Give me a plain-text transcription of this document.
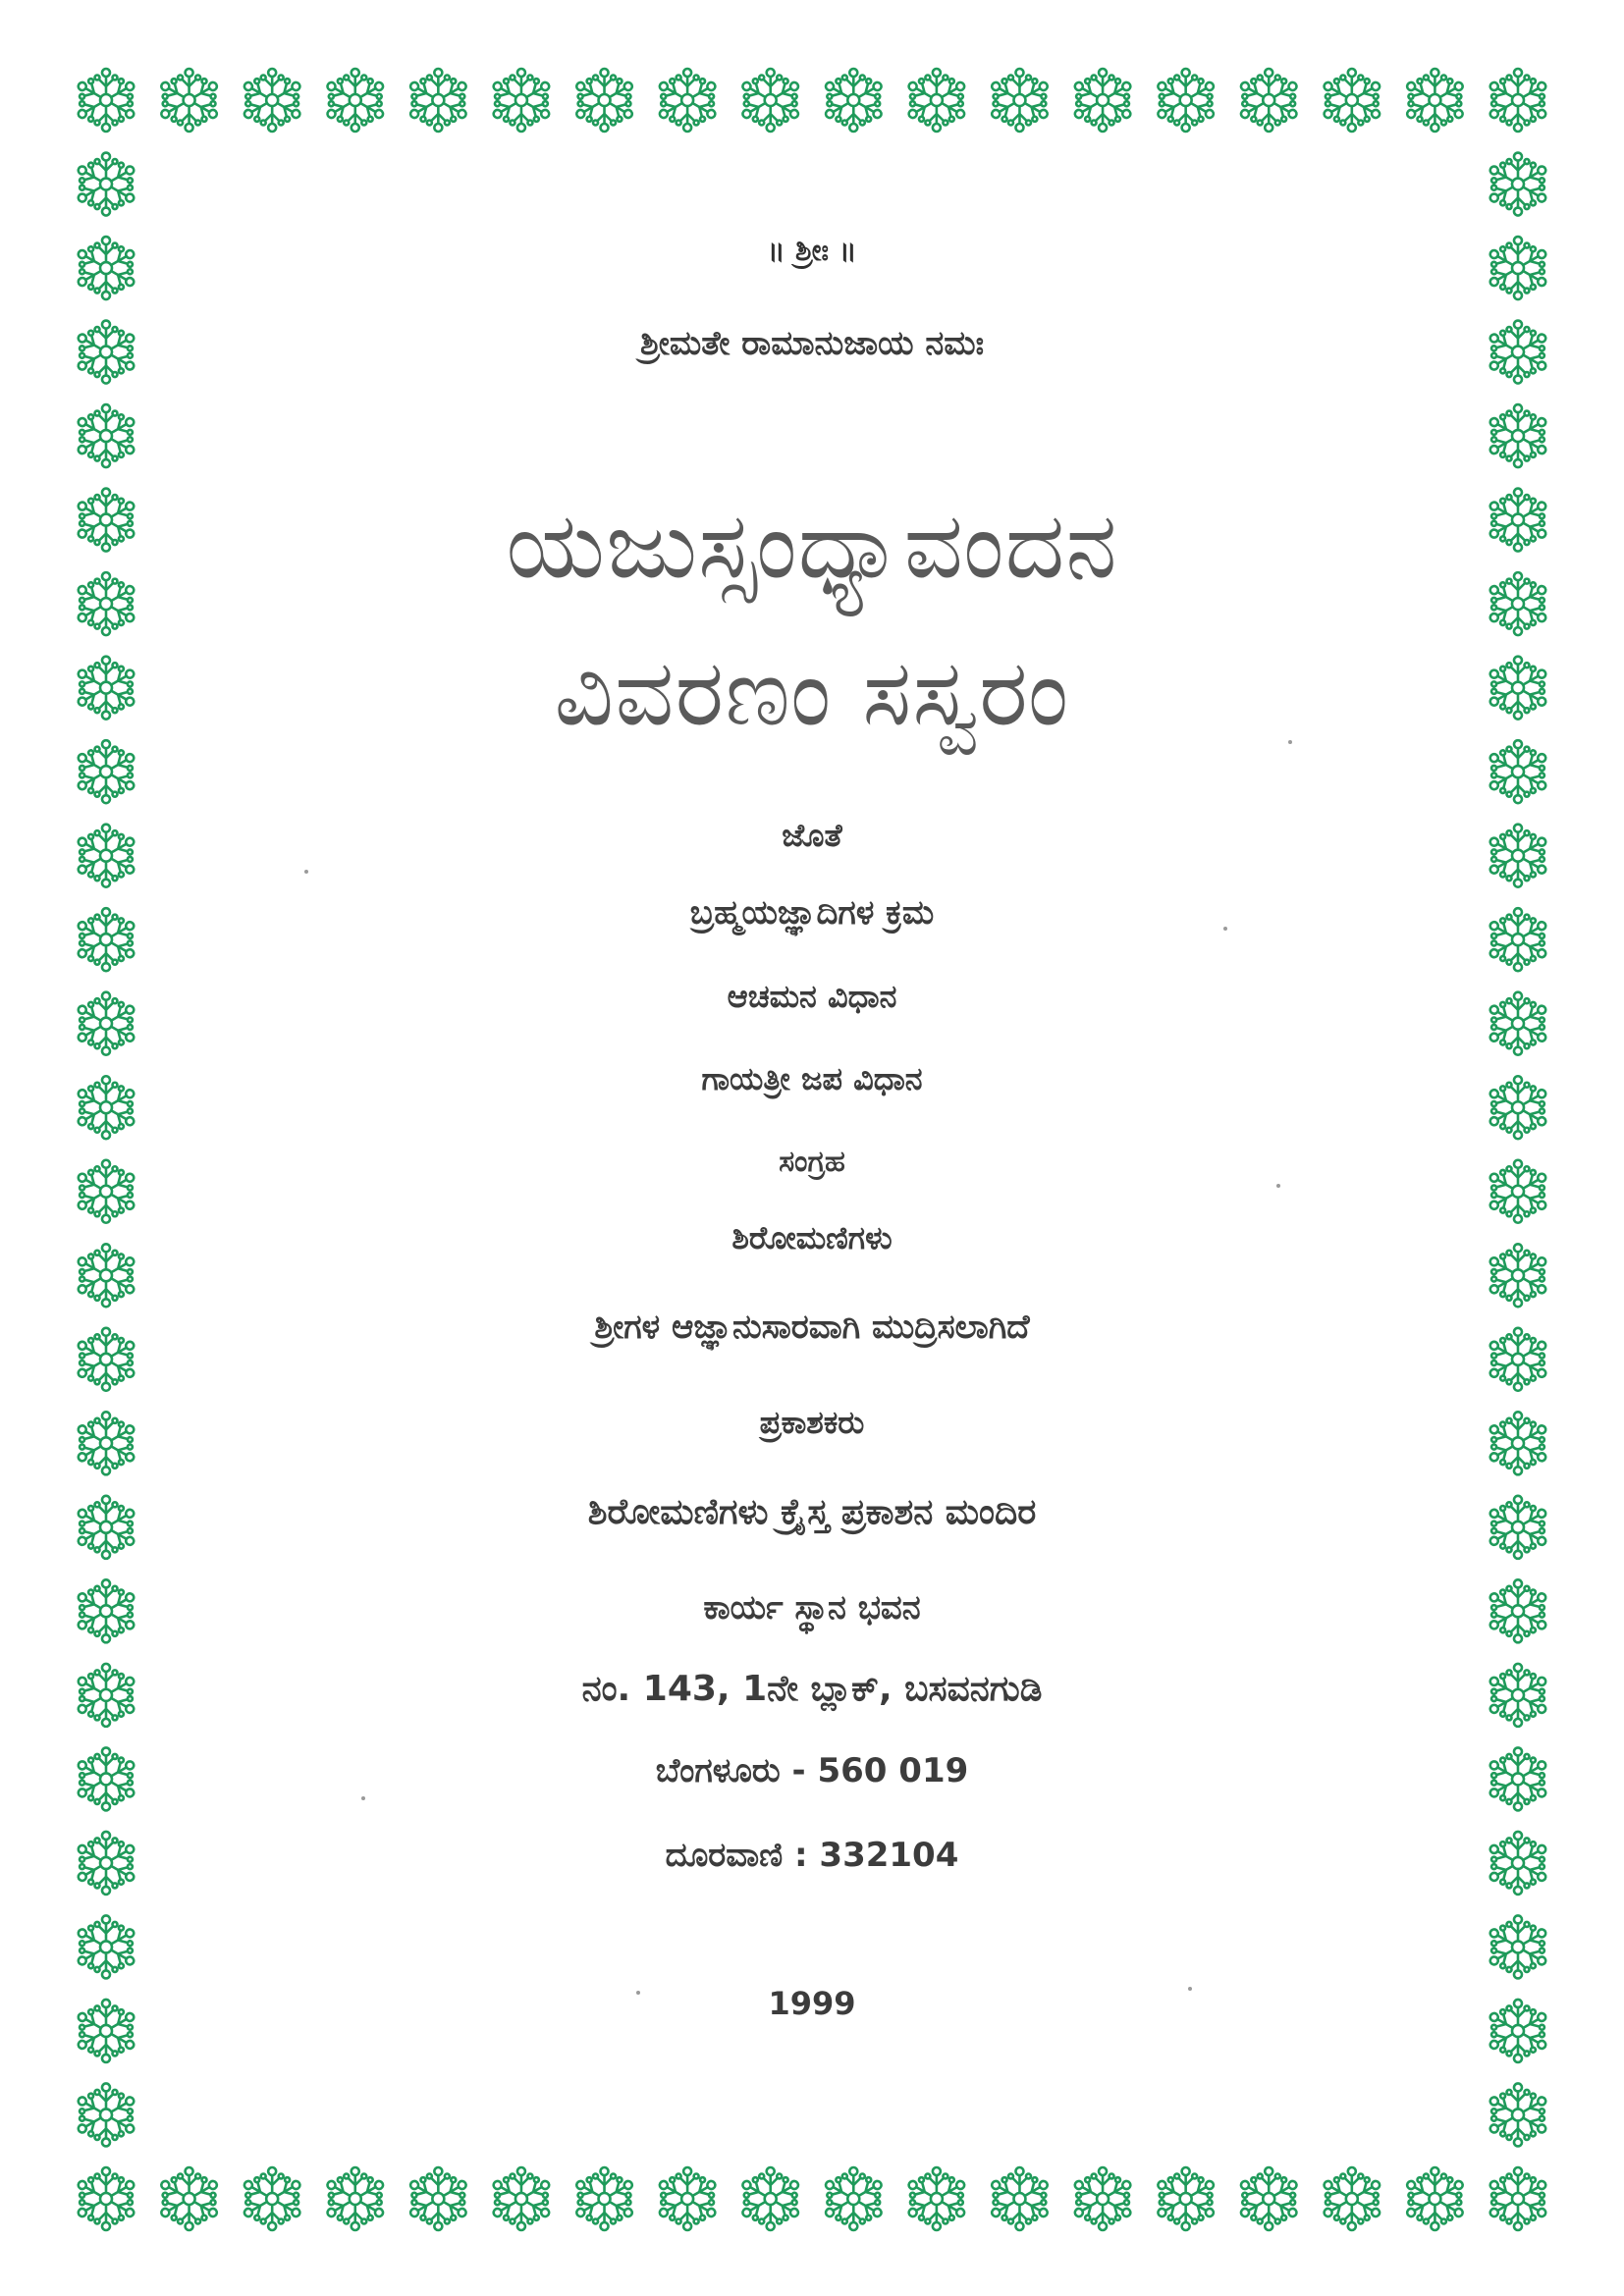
॥ ಶ್ರೀಃ ॥
ಶ್ರೀಮತೇ ರಾಮಾನುಜಾಯ ನಮಃ
ಯಜುಸ್ಸಂಧ್ಯಾವಂದನ
ವಿವರಣಂ ಸಸ್ವರಂ
ಜೊತೆ
ಬ್ರಹ್ಮಯಜ್ಞಾದಿಗಳ ಕ್ರಮ
ಆಚಮನ ವಿಧಾನ
ಗಾಯತ್ರೀ ಜಪ ವಿಧಾನ
ಸಂಗ್ರಹ
ಶಿರೋಮಣಿಗಳು
ಶ್ರೀಗಳ ಆಜ್ಞಾನುಸಾರವಾಗಿ ಮುದ್ರಿಸಲಾಗಿದೆ
ಪ್ರಕಾಶಕರು
ಶಿರೋಮಣಿಗಳು ಕ್ರೈಸ್ತ ಪ್ರಕಾಶನ ಮಂದಿರ
ಕಾರ್ಯ ಸ್ಥಾನ ಭವನ
ನಂ. 143, 1ನೇ ಬ್ಲಾಕ್, ಬಸವನಗುಡಿ
ಬೆಂಗಳೂರು - 560 019
ದೂರವಾಣಿ : 332104
1999
